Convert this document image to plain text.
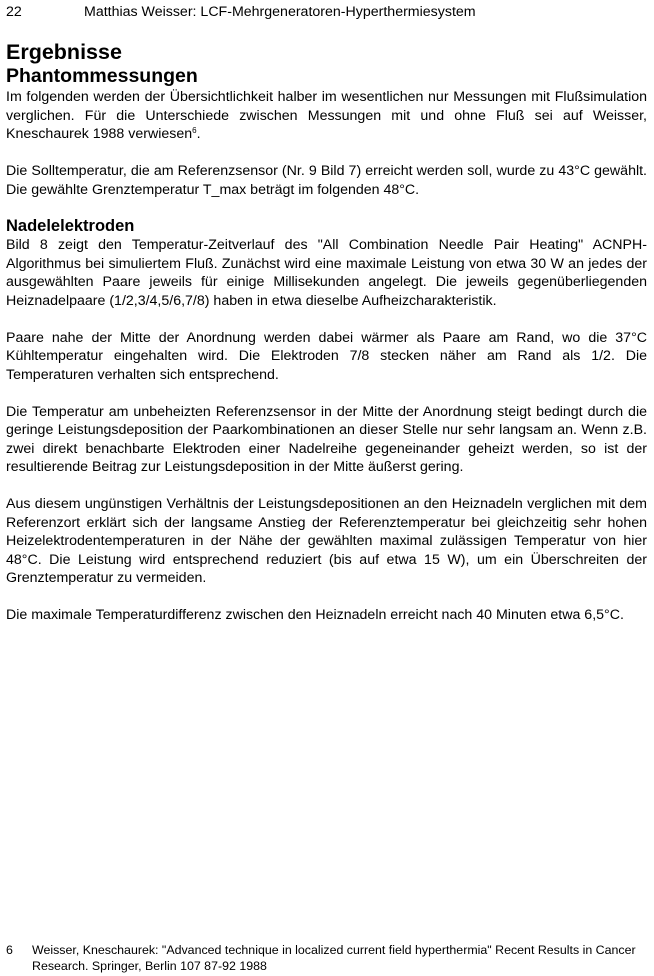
22	Matthias Weisser: LCF-Mehrgeneratoren-Hyperthermiesystem
Ergebnisse
Phantommessungen

Im folgenden werden der Übersichtlichkeit halber im wesentlichen nur Messungen mit Flußsimulation verglichen. Für die Unterschiede zwischen Messungen mit und ohne Fluß sei auf Weisser, Kneschaurek 1988 verwiesen$^6$.

Die Solltemperatur, die am Referenzsensor (Nr. 9 Bild 7) erreicht werden soll, wurde zu 43°C gewählt. Die gewählte Grenztemperatur T_max beträgt im folgenden 48°C.

Nadelelektroden

Bild 8 zeigt den Temperatur-Zeitverlauf des "All Combination Needle Pair Heating" ACNPH-Algorithmus bei simuliertem Fluß. Zunächst wird eine maximale Leistung von etwa 30 W an jedes der ausgewählten Paare jeweils für einige Millisekunden angelegt. Die jeweils gegenüberliegenden Heiznadelpaare (1/2,3/4,5/6,7/8) haben in etwa dieselbe Aufheizcharakteristik.

Paare nahe der Mitte der Anordnung werden dabei wärmer als Paare am Rand, wo die 37°C Kühltemperatur eingehalten wird. Die Elektroden 7/8 stecken näher am Rand als 1/2. Die Temperaturen verhalten sich entsprechend.

Die Temperatur am unbeheizten Referenzsensor in der Mitte der Anordnung steigt bedingt durch die geringe Leistungsdeposition der Paarkombinationen an dieser Stelle nur sehr langsam an. Wenn z.B. zwei direkt benachbarte Elektroden einer Nadelreihe gegeneinander geheizt werden, so ist der resultierende Beitrag zur Leistungsdeposition in der Mitte äußerst gering.

Aus diesem ungünstigen Verhältnis der Leistungsdepositionen an den Heiznadeln verglichen mit dem Referenzort erklärt sich der langsame Anstieg der Referenztemperatur bei gleichzeitig sehr hohen Heizelektrodentemperaturen in der Nähe der gewählten maximal zulässigen Temperatur von hier 48°C. Die Leistung wird entsprechend reduziert (bis auf etwa 15 W), um ein Überschreiten der Grenztemperatur zu vermeiden.

Die maximale Temperaturdifferenz zwischen den Heiznadeln erreicht nach 40 Minuten etwa 6,5°C.

6 Weisser, Kneschaurek: "Advanced technique in localized current field hyperthermia" Recent Results in Cancer Research. Springer, Berlin 107 87-92 1988
